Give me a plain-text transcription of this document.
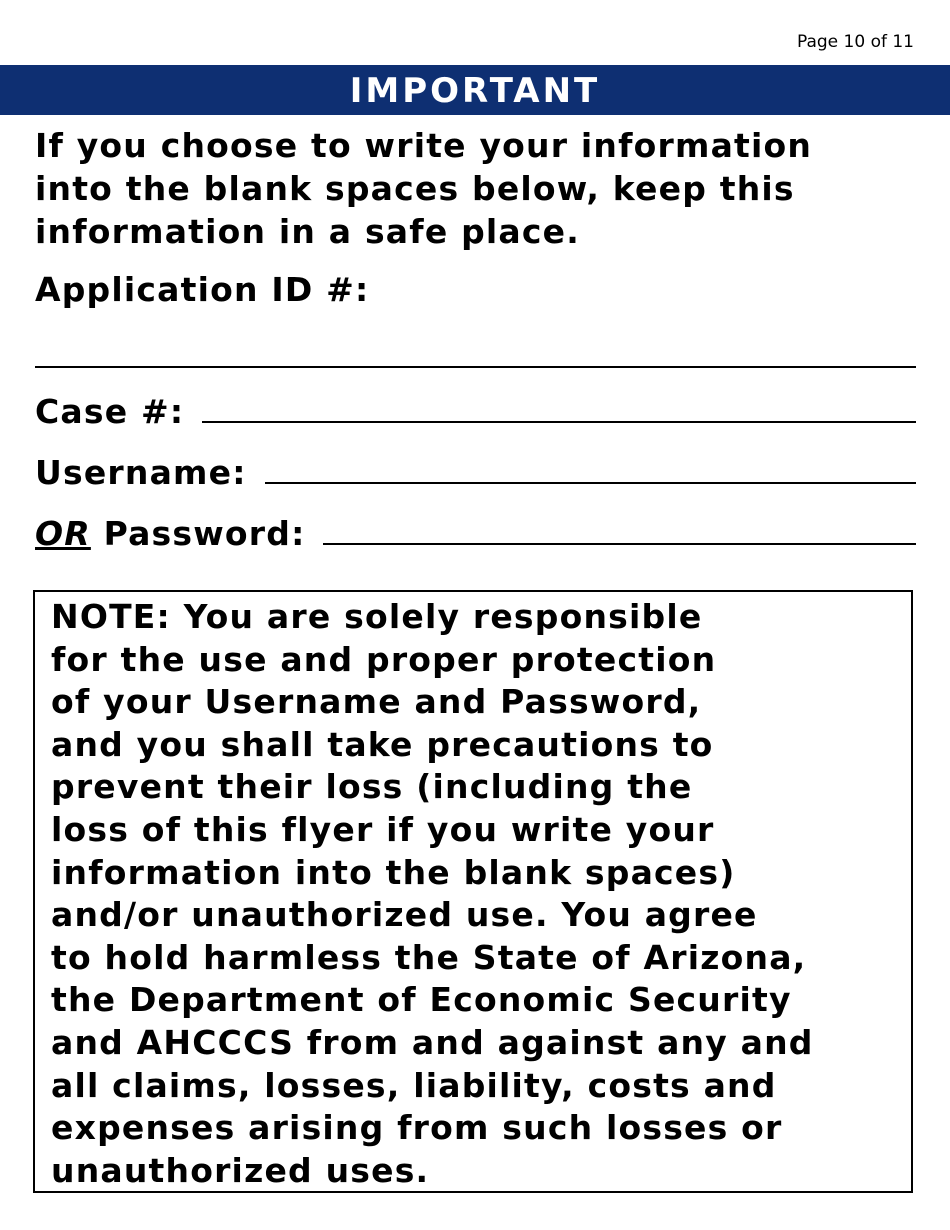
Page 10 of 11
IMPORTANT
If you choose to write your information
into the blank spaces below, keep this
information in a safe place.
Application ID #:
Case #:
Username:
OR Password:
NOTE: You are solely responsible
for the use and proper protection
of your Username and Password,
and you shall take precautions to
prevent their loss (including the
loss of this flyer if you write your
information into the blank spaces)
and/or unauthorized use. You agree
to hold harmless the State of Arizona,
the Department of Economic Security
and AHCCCS from and against any and
all claims, losses, liability, costs and
expenses arising from such losses or
unauthorized uses.
